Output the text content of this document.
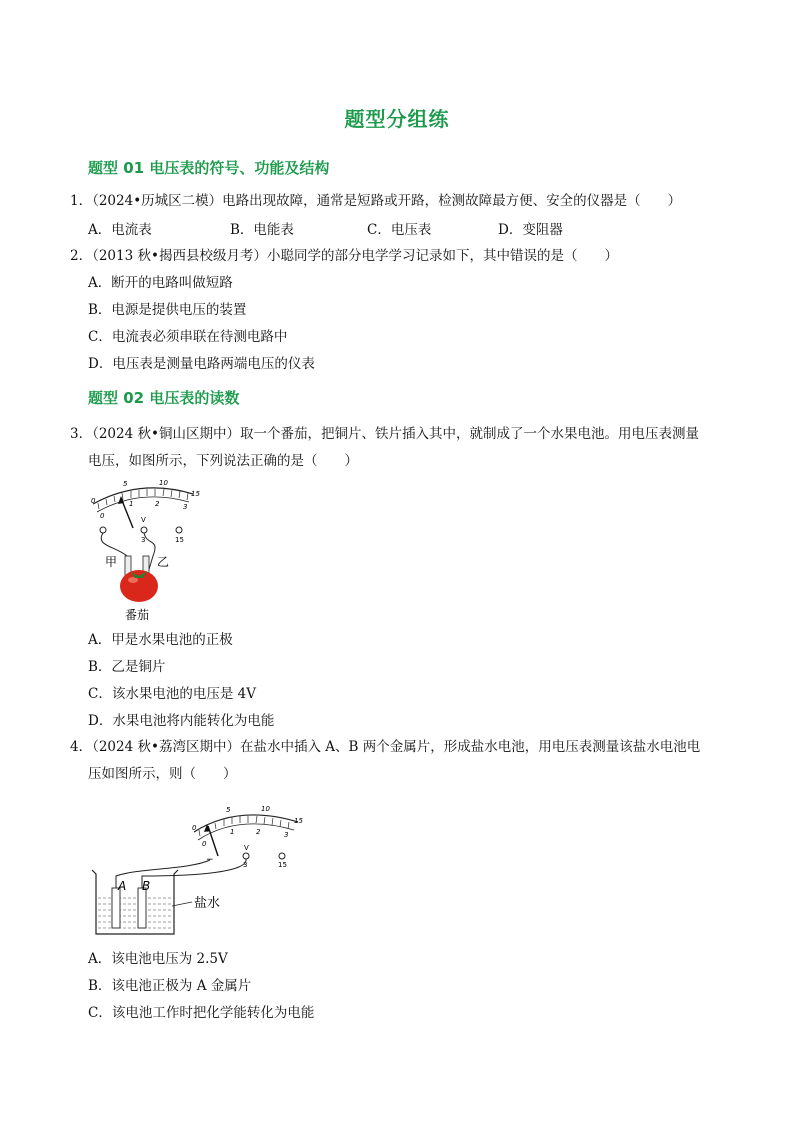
题型分组练
题型 01 电压表的符号、功能及结构
1．（2024•历城区二模）电路出现故障，通常是短路或开路，检测故障最方便、安全的仪器是（　　）
A．电流表	B．电能表	C．电压表	D．变阻器
2．（2013 秋•揭西县校级月考）小聪同学的部分电学学习记录如下，其中错误的是（　　）
A．断开的电路叫做短路
B．电源是提供电压的装置
C．电流表必须串联在待测电路中
D．电压表是测量电路两端电压的仪表
题型 02 电压表的读数
3．（2024 秋•铜山区期中）取一个番茄，把铜片、铁片插入其中，就制成了一个水果电池。用电压表测量
电压，如图所示，下列说法正确的是（　　）
0
5	10
15
0
1	2	3
V
3	15
甲	乙
番茄
A．甲是水果电池的正极
B．乙是铜片
C．该水果电池的电压是 4V
D．水果电池将内能转化为电能
4．（2024 秋•荔湾区期中）在盐水中插入 A、B 两个金属片，形成盐水电池，用电压表测量该盐水电池电
压如图所示，则（　　）
0
5	10
15
0
1	2	3
V
−	3	15
A B
盐水
A．该电池电压为 2.5V
B．该电池正极为 A 金属片
C．该电池工作时把化学能转化为电能
